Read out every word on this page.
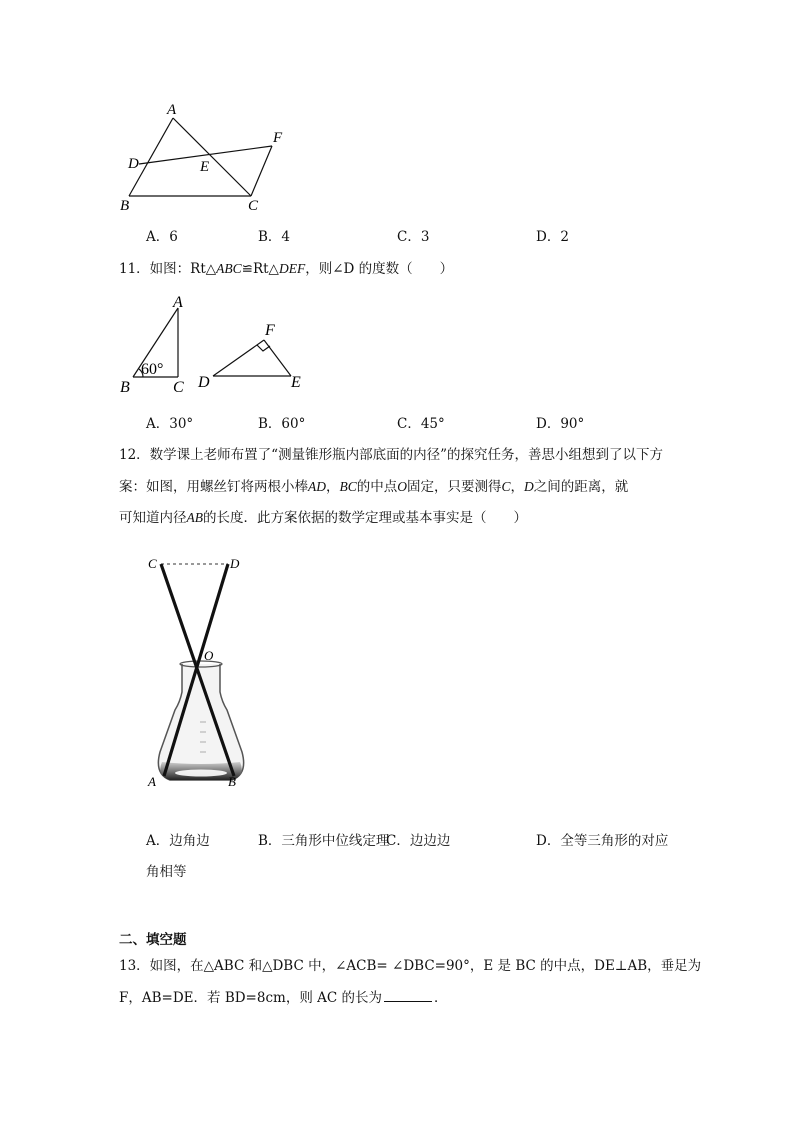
A
F
D	E
B	C
A．6	B．4	C．3	D．2
11．如图：Rt△ABC≌Rt△DEF，则∠D 的度数（　　）
A
B	C
60°
F
D	E
A．30°	B．60°	C．45°	D．90°
12．数学课上老师布置了“测量锥形瓶内部底面的内径”的探究任务，善思小组想到了以下方
案：如图，用螺丝钉将两根小棒AD，BC的中点O固定，只要测得C，D之间的距离，就
可知道内径AB的长度．此方案依据的数学定理或基本事实是（　　）
C	D
O
A	B
A．边角边	B．三角形中位线定理
C．边边边	D．全等三角形的对应
角相等
二、填空题
13．如图，在△ABC 和△DBC 中，∠ACB= ∠DBC=90°，E 是 BC 的中点，DE⊥AB，垂足为
F，AB=DE．若 BD=8cm，则 AC 的长为	．
